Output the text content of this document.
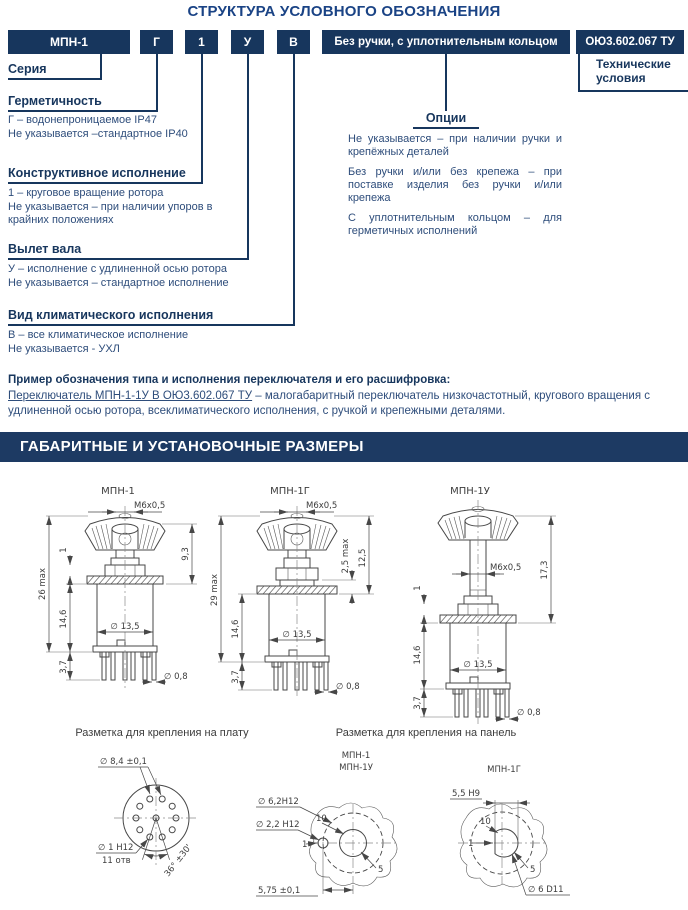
СТРУКТУРА УСЛОВНОГО ОБОЗНАЧЕНИЯ
МПН-1	Г	1	У	В	Без ручки, с уплотнительным кольцом	ОЮ3.602.067 ТУ
Серия
Герметичность
Конструктивное исполнение
Вылет вала
Вид климатического исполнения
Г – водонепроницаемое IP47
Не указывается –стандартное IP40
1 – круговое вращение ротора
Не указывается – при наличии упоров в крайних положениях
У – исполнение с удлиненной осью ротора
Не указывается – стандартное исполнение
В – все климатическое исполнение
Не указывается - УХЛ
Опции

Не указывается – при наличии ручки и крепёжных деталей

Без ручки и/или без крепежа – при поставке изделия без ручки и/или крепежа

С уплотнительным кольцом – для герметичных исполнений

Технические условия
Пример обозначения типа и исполнения переключателя и его расшифровка:
Переключатель МПН-1-1У В ОЮ3.602.067 ТУ – малогабаритный переключатель низкочастотный, кругового вращения с удлиненной осью ротора, всеклиматического исполнения, с ручкой и крепежными деталями.
ГАБАРИТНЫЕ И УСТАНОВОЧНЫЕ РАЗМЕРЫ
МПН-1
M6x0,5
9,3
26 max
1
14,6
3,7
∅ 13,5
∅ 0,8
МПН-1Г
M6x0,5
12,5
2,5 max
29 max
14,6
3,7
∅ 13,5
∅ 0,8
МПН-1У
M6x0,5 17,3
1
14,6
3,7
∅ 13,5
∅ 0,8
Разметка для крепления на плату	Разметка для крепления на панель
∅ 8,4 ±0,1
∅ 1 H12
11 отв	36° ±30'
МПН-1
МПН-1У
∅ 6,2H12
∅ 2,2 H12
10
1
5
5,75 ±0,1
МПН-1Г
5,5 H9
10
1
5
∅ 6 D11
